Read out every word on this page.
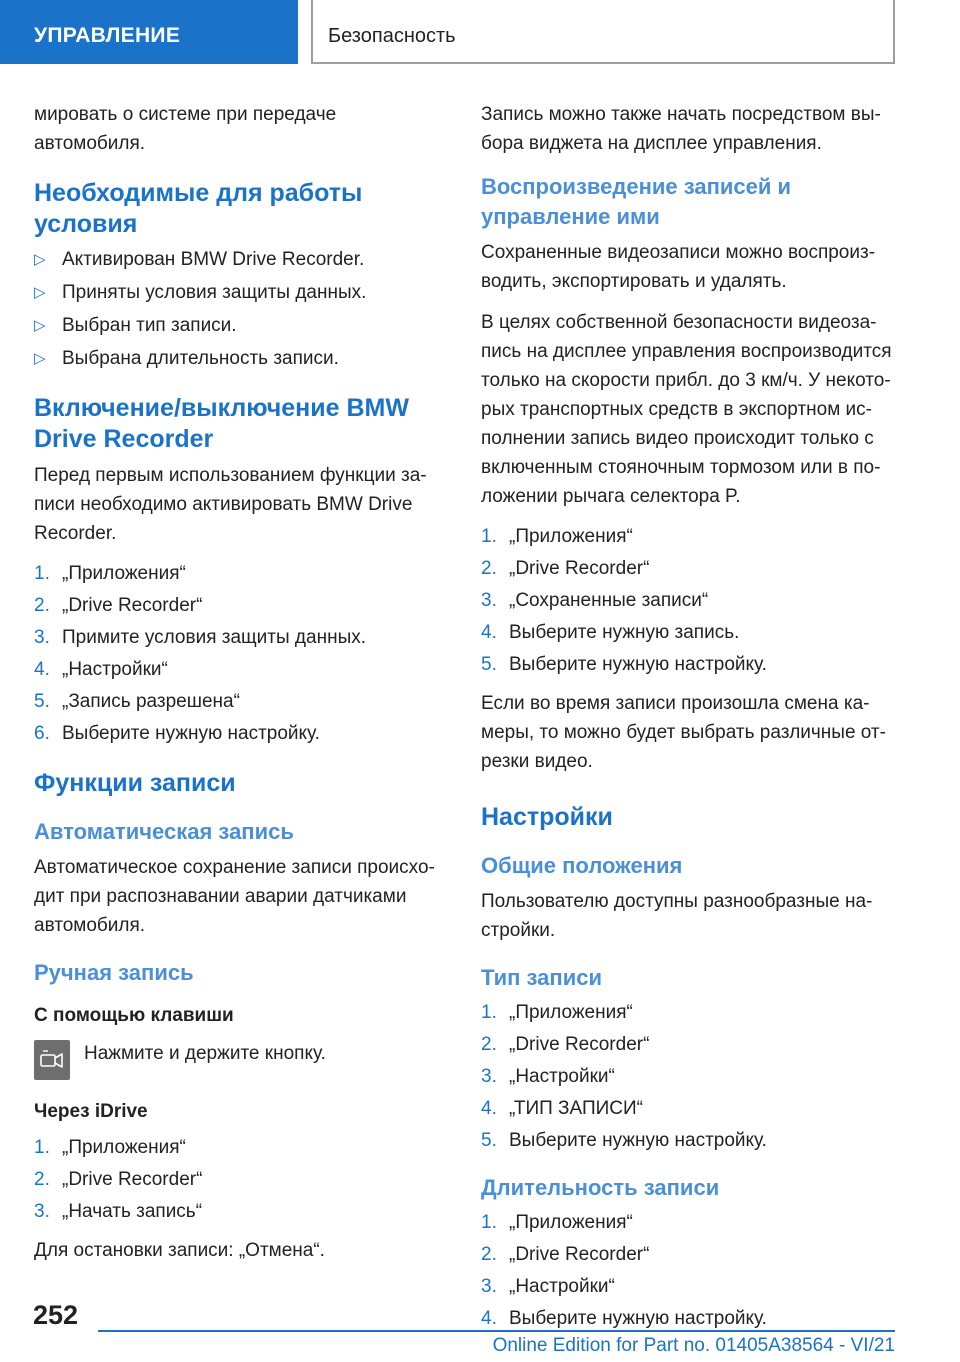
УПРАВЛЕНИЕ	Безопасность

мировать о системе при передаче автомобиля.

Необходимые для работы условия
▷ Активирован BMW Drive Recorder.
▷ Приняты условия защиты данных.
▷ Выбран тип записи.
▷ Выбрана длительность записи.
Включение/выключение BMW Drive Recorder

Перед первым использованием функции за-писи необходимо активировать BMW Drive Recorder.

1. „Приложения“
2. „Drive Recorder“
3. Примите условия защиты данных.
4. „Настройки“
5. „Запись разрешена“
6. Выберите нужную настройку.
Функции записи
Автоматическая запись

Автоматическое сохранение записи происхо-дит при распознавании аварии датчиками автомобиля.

Ручная запись
С помощью клавиши
Нажмите и держите кнопку.
Через iDrive
1. „Приложения“
2. „Drive Recorder“
3. „Начать запись“

Для остановки записи: „Отмена“.

Запись можно также начать посредством вы-бора виджета на дисплее управления.

Воспроизведение записей и управление ими

Сохраненные видеозаписи можно воспроиз-водить, экспортировать и удалять.

В целях собственной безопасности видеоза-пись на дисплее управления воспроизводится только на скорости прибл. до 3 км/ч. У некото-рых транспортных средств в экспортном ис-полнении запись видео происходит только с включенным стояночным тормозом или в по-ложении рычага селектора P.

1. „Приложения“
2. „Drive Recorder“
3. „Сохраненные записи“
4. Выберите нужную запись.
5. Выберите нужную настройку.

Если во время записи произошла смена ка-меры, то можно будет выбрать различные от-резки видео.

Настройки
Общие положения

Пользователю доступны разнообразные на-стройки.

Тип записи
1. „Приложения“
2. „Drive Recorder“
3. „Настройки“
4. „ТИП ЗАПИСИ“
5. Выберите нужную настройку.
Длительность записи
1. „Приложения“
2. „Drive Recorder“
3. „Настройки“
4. Выберите нужную настройку.
252
Online Edition for Part no. 01405A38564 - VI/21
